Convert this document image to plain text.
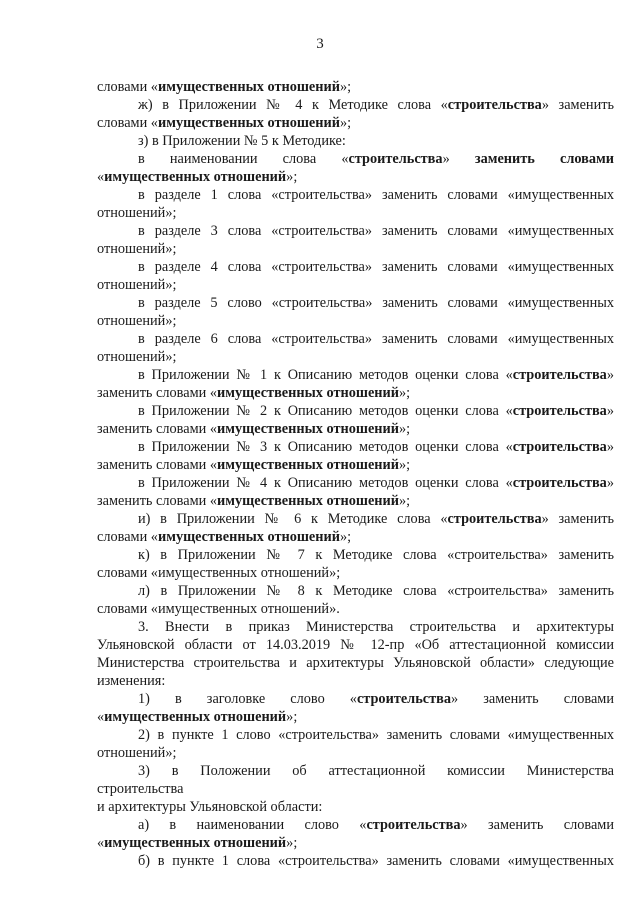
3
словами «имущественных отношений»;
ж) в Приложении № 4 к Методике слова «строительства» заменить
словами «имущественных отношений»;
з) в Приложении № 5 к Методике:
в наименовании слова «строительства» заменить словами
«имущественных отношений»;
в разделе 1 слова «строительства» заменить словами «имущественных
отношений»;
в разделе 3 слова «строительства» заменить словами «имущественных
отношений»;
в разделе 4 слова «строительства» заменить словами «имущественных
отношений»;
в разделе 5 слово «строительства» заменить словами «имущественных
отношений»;
в разделе 6 слова «строительства» заменить словами «имущественных
отношений»;
в Приложении № 1 к Описанию методов оценки слова «строительства»
заменить словами «имущественных отношений»;
в Приложении № 2 к Описанию методов оценки слова «строительства»
заменить словами «имущественных отношений»;
в Приложении № 3 к Описанию методов оценки слова «строительства»
заменить словами «имущественных отношений»;
в Приложении № 4 к Описанию методов оценки слова «строительства»
заменить словами «имущественных отношений»;
и) в Приложении № 6 к Методике слова «строительства» заменить
словами «имущественных отношений»;
к) в Приложении № 7 к Методике слова «строительства» заменить
словами «имущественных отношений»;
л) в Приложении № 8 к Методике слова «строительства» заменить
словами «имущественных отношений».
3. Внести в приказ Министерства строительства и архитектуры
Ульяновской области от 14.03.2019 № 12-пр «Об аттестационной комиссии
Министерства строительства и архитектуры Ульяновской области» следующие
изменения:
1) в заголовке слово «строительства» заменить словами
«имущественных отношений»;
2) в пункте 1 слово «строительства» заменить словами «имущественных
отношений»;
3) в Положении об аттестационной комиссии Министерства
строительства
и архитектуры Ульяновской области:
а) в наименовании слово «строительства» заменить словами
«имущественных отношений»;
б) в пункте 1 слова «строительства» заменить словами «имущественных
